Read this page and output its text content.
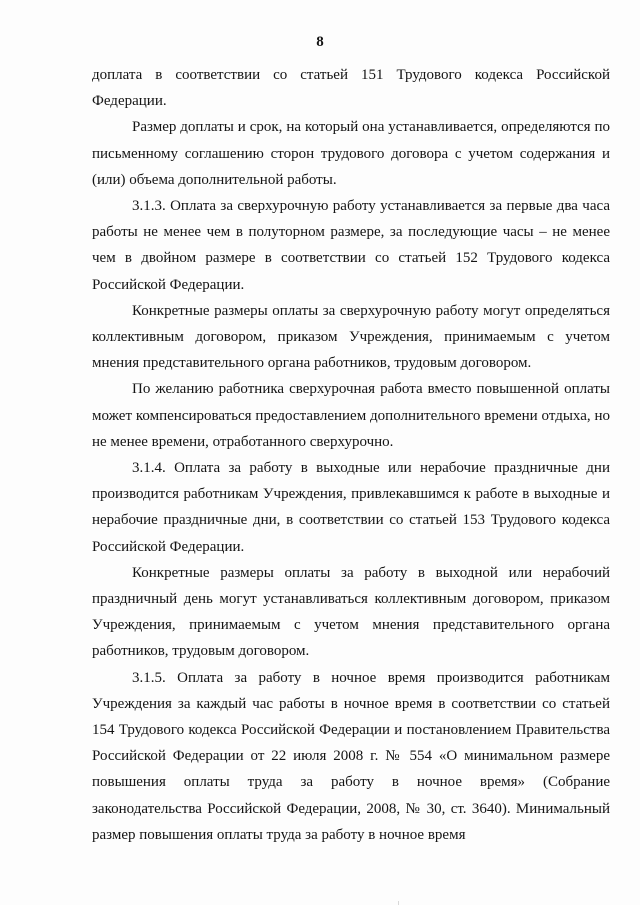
8

доплата в соответствии со статьей 151 Трудового кодекса Российской Федерации.

Размер доплаты и срок, на который она устанавливается, определяются по письменному соглашению сторон трудового договора с учетом содержания и (или) объема дополнительной работы.

3.1.3. Оплата за сверхурочную работу устанавливается за первые два часа работы не менее чем в полуторном размере, за последующие часы – не менее чем в двойном размере в соответствии со статьей 152 Трудового кодекса Российской Федерации.

Конкретные размеры оплаты за сверхурочную работу могут определяться коллективным договором, приказом Учреждения, принимаемым с учетом мнения представительного органа работников, трудовым договором.

По желанию работника сверхурочная работа вместо повышенной оплаты может компенсироваться предоставлением дополнительного времени отдыха, но не менее времени, отработанного сверхурочно.

3.1.4. Оплата за работу в выходные или нерабочие праздничные дни производится работникам Учреждения, привлекавшимся к работе в выходные и нерабочие праздничные дни, в соответствии со статьей 153 Трудового кодекса Российской Федерации.

Конкретные размеры оплаты за работу в выходной или нерабочий праздничный день могут устанавливаться коллективным договором, приказом Учреждения, принимаемым с учетом мнения представительного органа работников, трудовым договором.

3.1.5. Оплата за работу в ночное время производится работникам Учреждения за каждый час работы в ночное время в соответствии со статьей 154 Трудового кодекса Российской Федерации и постановлением Правительства Российской Федерации от 22 июля 2008 г. № 554 «О минимальном размере повышения оплаты труда за работу в ночное время» (Собрание законодательства Российской Федерации, 2008, № 30, ст. 3640). Минимальный размер повышения оплаты труда за работу в ночное время
